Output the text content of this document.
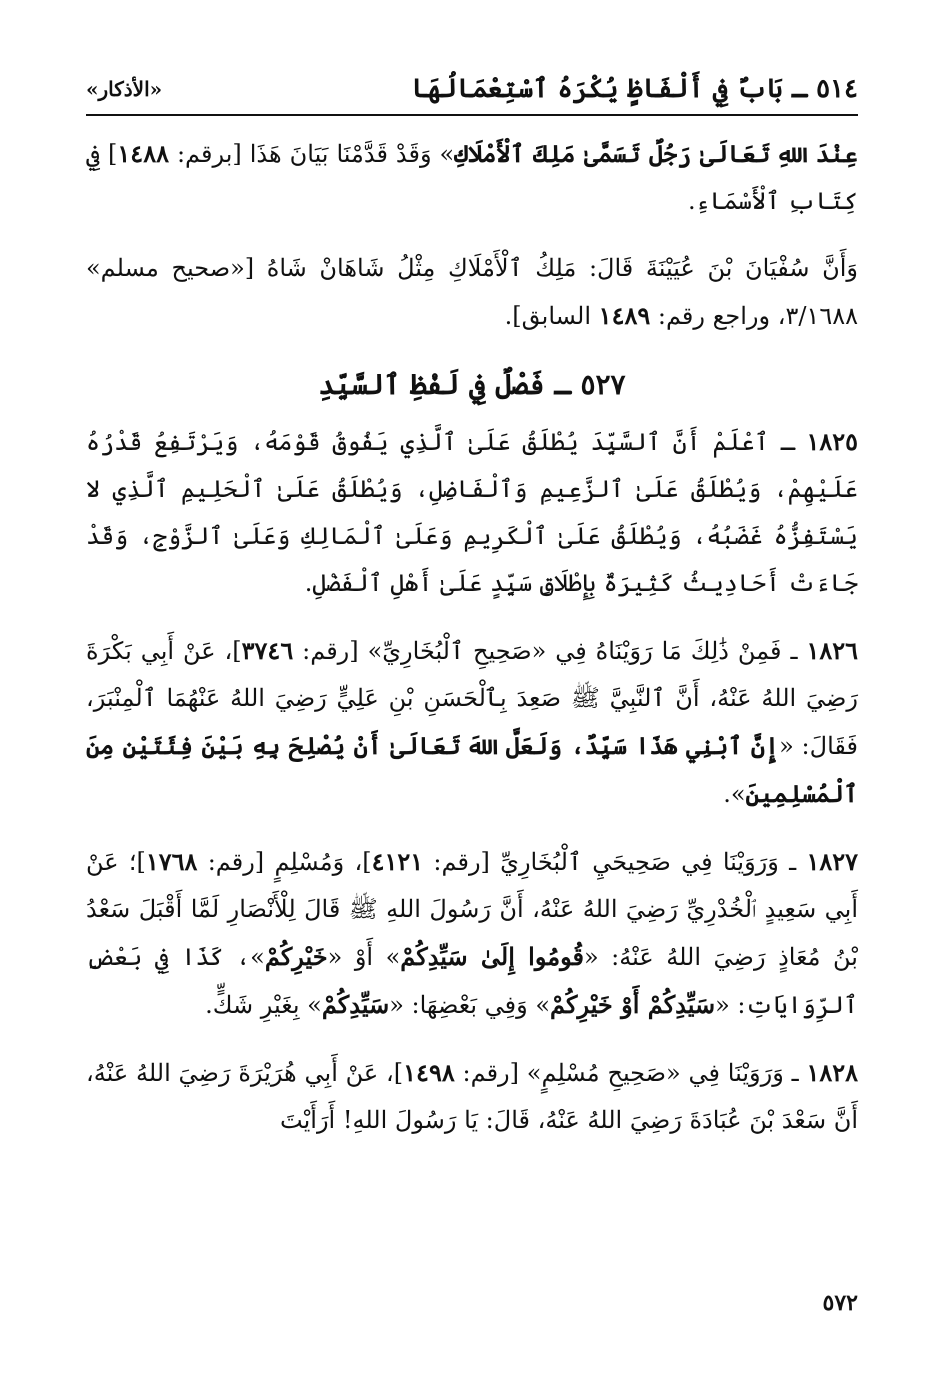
٥١٤ ـ بَابٌ فِي أَلْفَاظٍ يُكْرَهُ ٱسْتِعْمَالُهَا
«الأذكار»

عِنْدَ اللهِ تَعَالَىٰ رَجُلٌ تَسَمَّىٰ مَلِكَ ٱلْأَمْلَاكِ» وَقَدْ قَدَّمْنَا بَيَانَ هَذَا [برقم: ١٤٨٨] فِي كِتَابِ ٱلْأَسْمَاءِ.

وَأَنَّ سُفْيَانَ بْنَ عُيَيْنَةَ قَالَ: مَلِكُ ٱلْأَمْلَاكِ مِثْلُ شَاهَانْ شَاهُ [«صحيح مسلم» ٣/١٦٨٨، وراجع رقم: ١٤٨٩ السابق].

٥٢٧ ـ فَصْلٌ فِي لَفْظِ ٱلسَّيِّدِ

١٨٢٥ ـ ٱعْلَمْ أَنَّ ٱلسَّيِّدَ يُطْلَقُ عَلَىٰ ٱلَّذِي يَفُوقُ قَوْمَهُ، وَيَرْتَفِعُ قَدْرُهُ عَلَيْهِمْ، وَيُطْلَقُ عَلَىٰ ٱلزَّعِيمِ وَٱلْفَاضِلِ، وَيُطْلَقُ عَلَىٰ ٱلْحَلِيمِ ٱلَّذِي لا يَسْتَفِزُّهُ غَضَبُهُ، وَيُطْلَقُ عَلَىٰ ٱلْكَرِيمِ وَعَلَىٰ ٱلْمَالِكِ وَعَلَىٰ ٱلزَّوْجِ، وَقَدْ جَاءَتْ أَحَادِيثُ كَثِيرَةٌ بِإِطْلَاقِ سَيِّدٍ عَلَىٰ أَهْلِ ٱلْفَضْلِ.

١٨٢٦ ـ فَمِنْ ذَٰلِكَ مَا رَوَيْنَاهُ فِي «صَحِيحِ ٱلْبُخَارِيِّ» [رقم: ٣٧٤٦]، عَنْ أَبِي بَكْرَةَ رَضِيَ اللهُ عَنْهُ، أَنَّ ٱلنَّبِيَّ ﷺ صَعِدَ بِٱلْحَسَنِ بْنِ عَلِيٍّ رَضِيَ اللهُ عَنْهُمَا ٱلْمِنْبَرَ، فَقَالَ: «إِنَّ ٱبْنِي هَذَا سَيِّدٌ، وَلَعَلَّ اللهَ تَعَالَىٰ أَنْ يُصْلِحَ بِهِ بَيْنَ فِئَتَيْنِ مِنَ ٱلْمُسْلِمِينَ».

١٨٢٧ ـ وَرَوَيْنَا فِي صَحِيحَيِ ٱلْبُخَارِيِّ [رقم: ٤١٢١]، وَمُسْلِمٍ [رقم: ١٧٦٨]؛ عَنْ أَبِي سَعِيدٍ ٱلْخُدْرِيِّ رَضِيَ اللهُ عَنْهُ، أَنَّ رَسُولَ اللهِ ﷺ قَالَ لِلْأَنْصَارِ لَمَّا أَقْبَلَ سَعْدُ بْنُ مُعَاذٍ رَضِيَ اللهُ عَنْهُ: «قُومُوا إِلَىٰ سَيِّدِكُمْ» أَوْ «خَيْرِكُمْ»، كَذَا فِي بَعْضِ ٱلرِّوَايَاتِ: «سَيِّدِكُمْ أَوْ خَيْرِكُمْ» وَفِي بَعْضِهَا: «سَيِّدِكُمْ» بِغَيْرِ شَكٍّ.

١٨٢٨ ـ وَرَوَيْنَا فِي «صَحِيحِ مُسْلِمٍ» [رقم: ١٤٩٨]، عَنْ أَبِي هُرَيْرَةَ رَضِيَ اللهُ عَنْهُ، أَنَّ سَعْدَ بْنَ عُبَادَةَ رَضِيَ اللهُ عَنْهُ، قَالَ: يَا رَسُولَ اللهِ! أَرَأَيْتَ

٥٧٢
